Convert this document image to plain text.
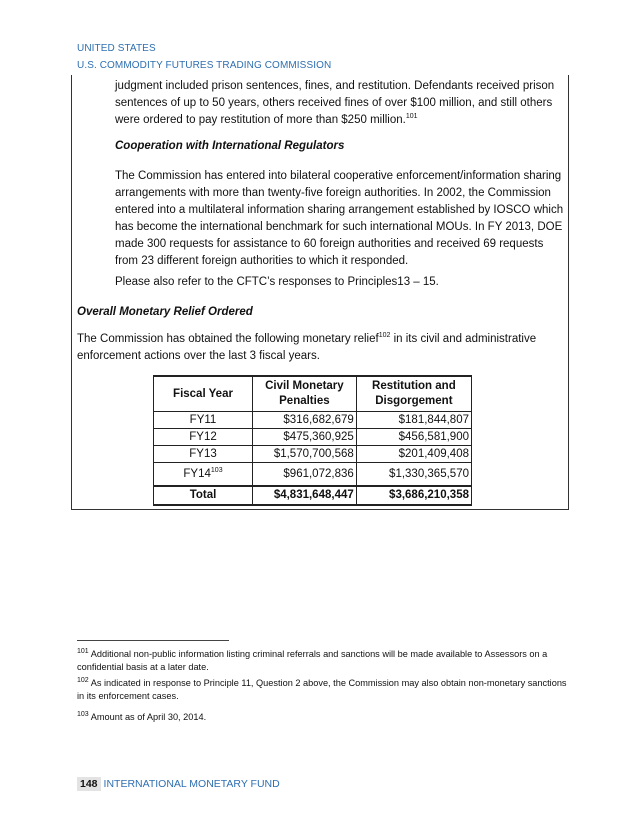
UNITED STATES
U.S. COMMODITY FUTURES TRADING COMMISSION
judgment included prison sentences, fines, and restitution. Defendants received prison sentences of up to 50 years, others received fines of over $100 million, and still others were ordered to pay restitution of more than $250 million.$^{101}$
Cooperation with International Regulators
The Commission has entered into bilateral cooperative enforcement/information sharing arrangements with more than twenty-five foreign authorities. In 2002, the Commission entered into a multilateral information sharing arrangement established by IOSCO which has become the international benchmark for such international MOUs. In FY 2013, DOE made 300 requests for assistance to 60 foreign authorities and received 69 requests from 23 different foreign authorities to which it responded.
Please also refer to the CFTC’s responses to Principles13 – 15.
Overall Monetary Relief Ordered
The Commission has obtained the following monetary relief$^{102}$ in its civil and administrative enforcement actions over the last 3 fiscal years.
Fiscal Year	Civil Monetary Penalties	Restitution and Disgorgement
FY11	$316,682,679	$181,844,807
FY12	$475,360,925	$456,581,900
FY13	$1,570,700,568	$201,409,408
$FY14^{103}$	$961,072,836	$1,330,365,570
Total	$4,831,648,447	$3,686,210,358
$^{101}$ Additional non-public information listing criminal referrals and sanctions will be made available to Assessors on a confidential basis at a later date.
$^{102}$ As indicated in response to Principle 11, Question 2 above, the Commission may also obtain non-monetary sanctions in its enforcement cases.
$^{103}$ Amount as of April 30, 2014.
148 INTERNATIONAL MONETARY FUND
